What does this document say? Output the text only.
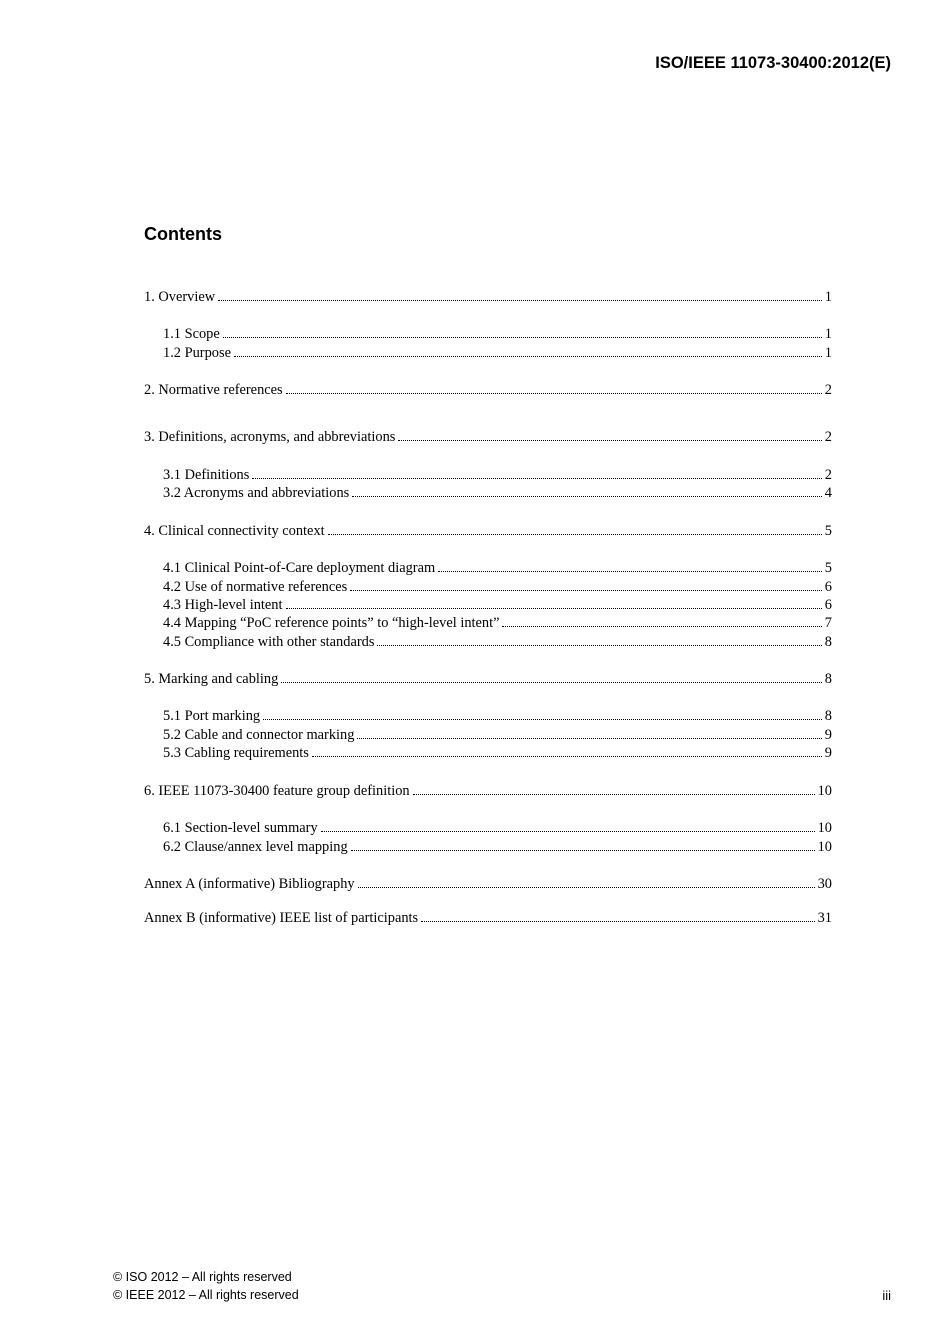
ISO/IEEE 11073-30400:2012(E)
Contents
1. Overview	1
1.1 Scope	1
1.2 Purpose	1
2. Normative references	2
3. Definitions, acronyms, and abbreviations	2
3.1 Definitions	2
3.2 Acronyms and abbreviations	4
4. Clinical connectivity context	5
4.1 Clinical Point-of-Care deployment diagram	5
4.2 Use of normative references	6
4.3 High-level intent	6
4.4 Mapping “PoC reference points” to “high-level intent”	7
4.5 Compliance with other standards	8
5. Marking and cabling	8
5.1 Port marking	8
5.2 Cable and connector marking	9
5.3 Cabling requirements	9
6. IEEE 11073-30400 feature group definition	10
6.1 Section-level summary	10
6.2 Clause/annex level mapping	10
Annex A (informative) Bibliography	30
Annex B (informative) IEEE list of participants	31
© ISO 2012 – All rights reserved
© IEEE 2012 – All rights reserved	iii
